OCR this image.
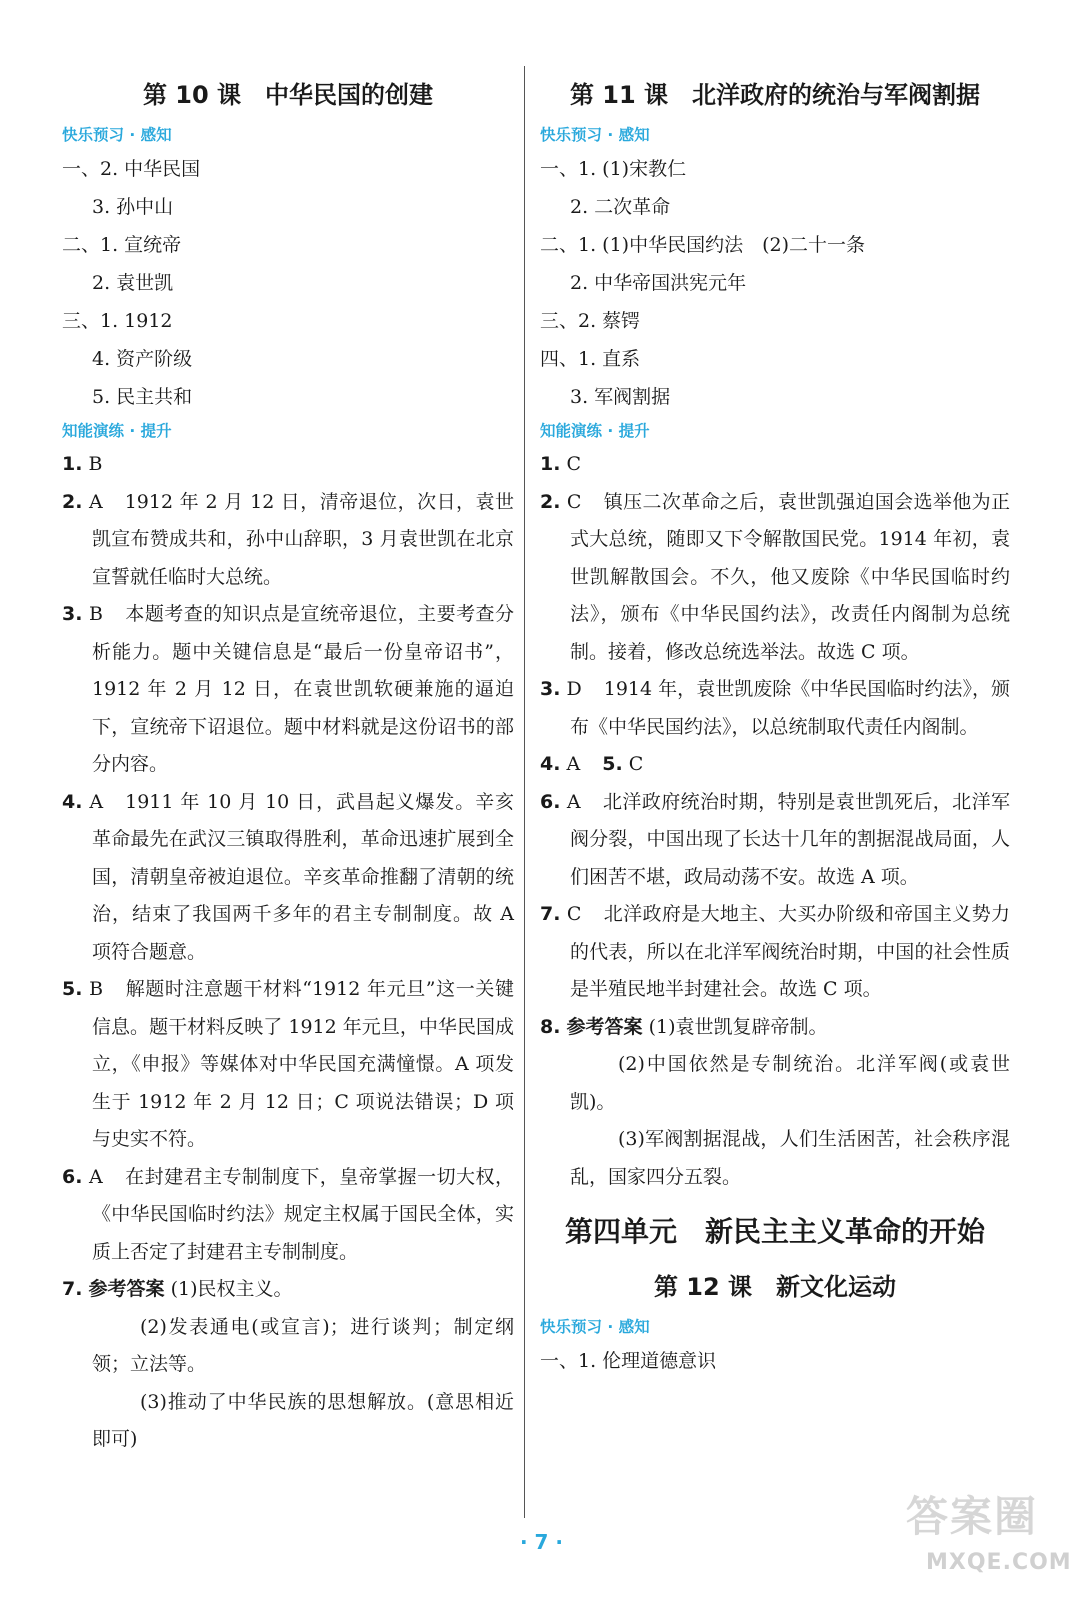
第 10 课　中华民国的创建
快乐预习 · 感知
一、2. 中华民国
3. 孙中山
二、1. 宣统帝
2. 袁世凯
三、1. 1912
4. 资产阶级
5. 民主共和
知能演练 · 提升
1. B
2. A 1912 年 2 月 12 日，清帝退位，次日，袁世凯宣布赞成共和，孙中山辞职，3 月袁世凯在北京宣誓就任临时大总统。
3. B 本题考查的知识点是宣统帝退位，主要考查分析能力。题中关键信息是“最后一份皇帝诏书”，1912 年 2 月 12 日，在袁世凯软硬兼施的逼迫下，宣统帝下诏退位。题中材料就是这份诏书的部分内容。
4. A 1911 年 10 月 10 日，武昌起义爆发。辛亥革命最先在武汉三镇取得胜利，革命迅速扩展到全国，清朝皇帝被迫退位。辛亥革命推翻了清朝的统治，结束了我国两千多年的君主专制制度。故 A 项符合题意。
5. B 解题时注意题干材料“1912 年元旦”这一关键信息。题干材料反映了 1912 年元旦，中华民国成立，《申报》等媒体对中华民国充满憧憬。A 项发生于 1912 年 2 月 12 日；C 项说法错误；D 项与史实不符。
6. A 在封建君主专制制度下，皇帝掌握一切大权，《中华民国临时约法》规定主权属于国民全体，实质上否定了封建君主专制制度。
7. 参考答案 (1)民权主义。
(2)发表通电(或宣言)；进行谈判；制定纲领；立法等。
(3)推动了中华民族的思想解放。(意思相近即可)
第 11 课　北洋政府的统治与军阀割据
快乐预习 · 感知
一、1. (1)宋教仁
2. 二次革命
二、1. (1)中华民国约法　(2)二十一条
2. 中华帝国洪宪元年
三、2. 蔡锷
四、1. 直系
3. 军阀割据
知能演练 · 提升
1. C
2. C 镇压二次革命之后，袁世凯强迫国会选举他为正式大总统，随即又下令解散国民党。1914 年初，袁世凯解散国会。不久，他又废除《中华民国临时约法》，颁布《中华民国约法》，改责任内阁制为总统制。接着，修改总统选举法。故选 C 项。
3. D 1914 年，袁世凯废除《中华民国临时约法》，颁布《中华民国约法》，以总统制取代责任内阁制。
4. A 5. C
6. A 北洋政府统治时期，特别是袁世凯死后，北洋军阀分裂，中国出现了长达十几年的割据混战局面，人们困苦不堪，政局动荡不安。故选 A 项。
7. C 北洋政府是大地主、大买办阶级和帝国主义势力的代表，所以在北洋军阀统治时期，中国的社会性质是半殖民地半封建社会。故选 C 项。
8. 参考答案 (1)袁世凯复辟帝制。
(2)中国依然是专制统治。北洋军阀(或袁世凯)。
(3)军阀割据混战，人们生活困苦，社会秩序混乱，国家四分五裂。
第四单元　新民主主义革命的开始
第 12 课　新文化运动
快乐预习 · 感知
一、1. 伦理道德意识
· 7 ·
答案圈
MXQE.COM
